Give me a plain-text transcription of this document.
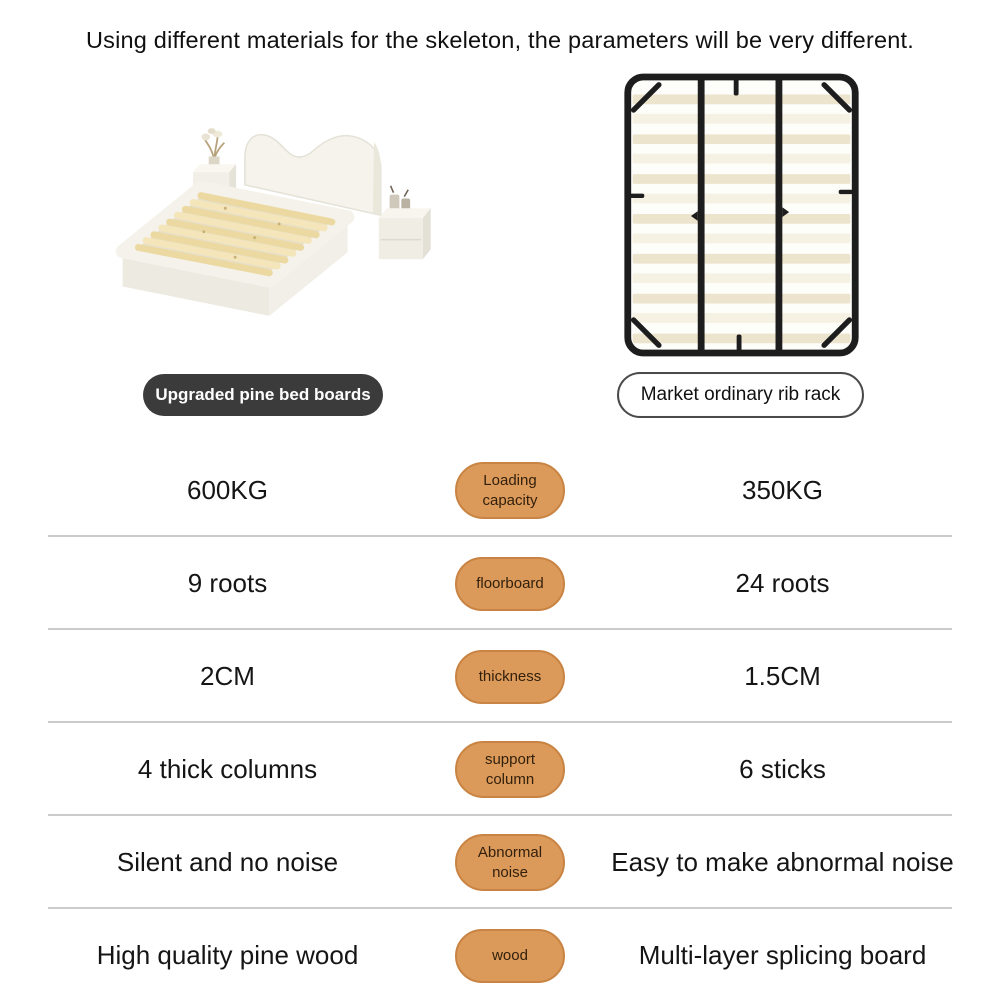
Using different materials for the skeleton, the parameters will be very different.
Upgraded pine bed boards	Market ordinary rib rack
600KG	Loading capacity	350KG
9 roots	floorboard	24 roots
2CM	thickness	1.5CM
4 thick columns	support column	6 sticks
Silent and no noise	Abnormal noise	Easy to make abnormal noise
High quality pine wood	wood	Multi-layer splicing board
